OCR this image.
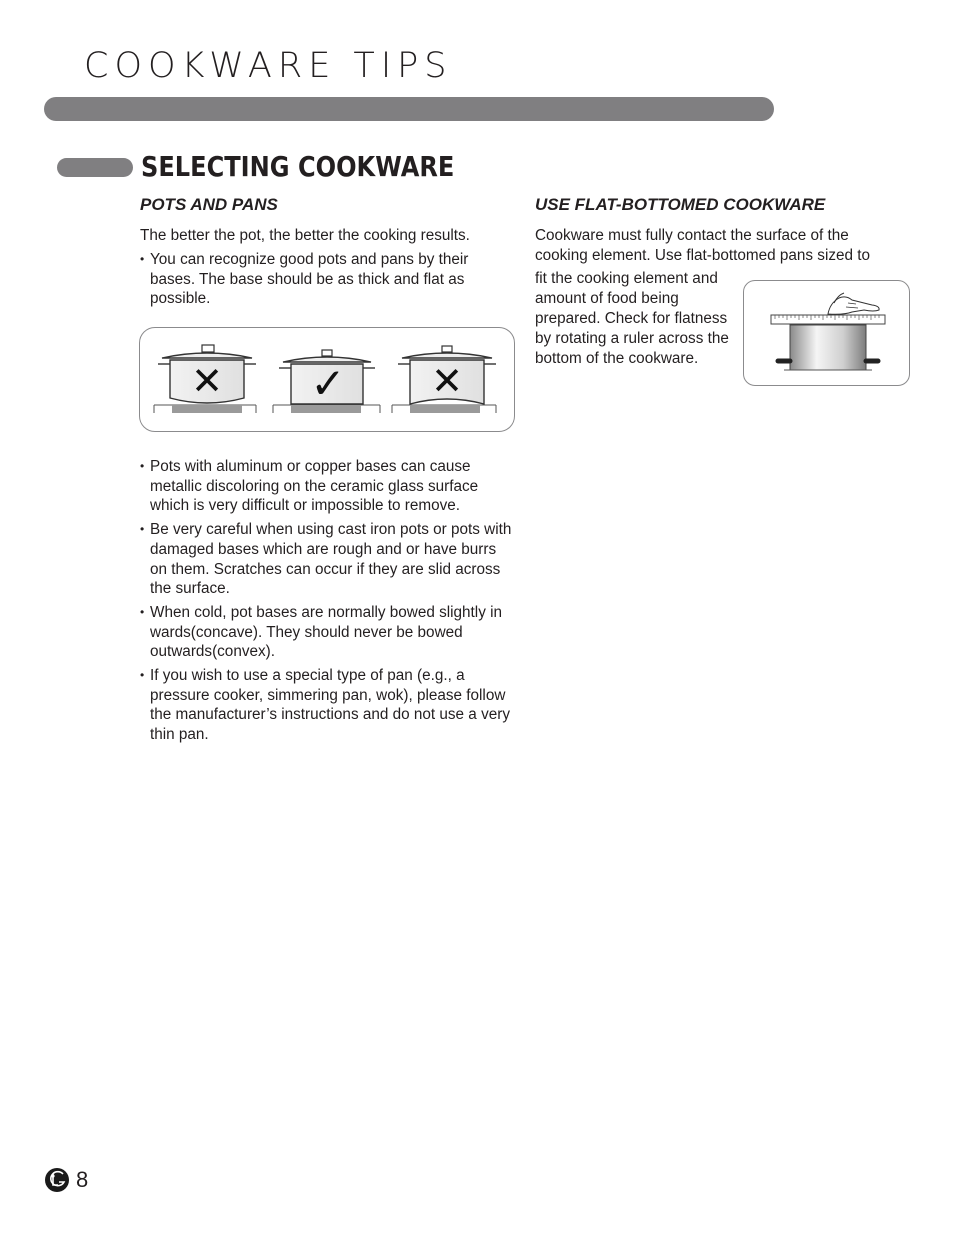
COOKWARE TIPS
SELECTING COOKWARE
POTS AND PANS

The better the pot, the better the cooking results.

• You can recognize good pots and pans by their bases. The base should be as thick and flat as possible.
✕ ✓ ✕
• Pots with aluminum or copper bases can cause metallic discoloring on the ceramic glass surface which is very difficult or impossible to remove.
• Be very careful when using cast iron pots or pots with damaged bases which are rough and or have burrs on them. Scratches can occur if they are slid across the surface.
• When cold, pot bases are normally bowed slightly in wards(concave). They should never be bowed outwards(convex).
• If you wish to use a special type of pan (e.g., a pressure cooker, simmering pan, wok), please follow the manufacturer’s instructions and do not use a very thin pan.
USE FLAT-BOTTOMED COOKWARE

Cookware must fully contact the surface of the cooking element. Use flat-bottomed pans sized to

fit the cooking element and amount of food being prepared. Check for flatness by rotating a ruler across the bottom of the cookware.

8
